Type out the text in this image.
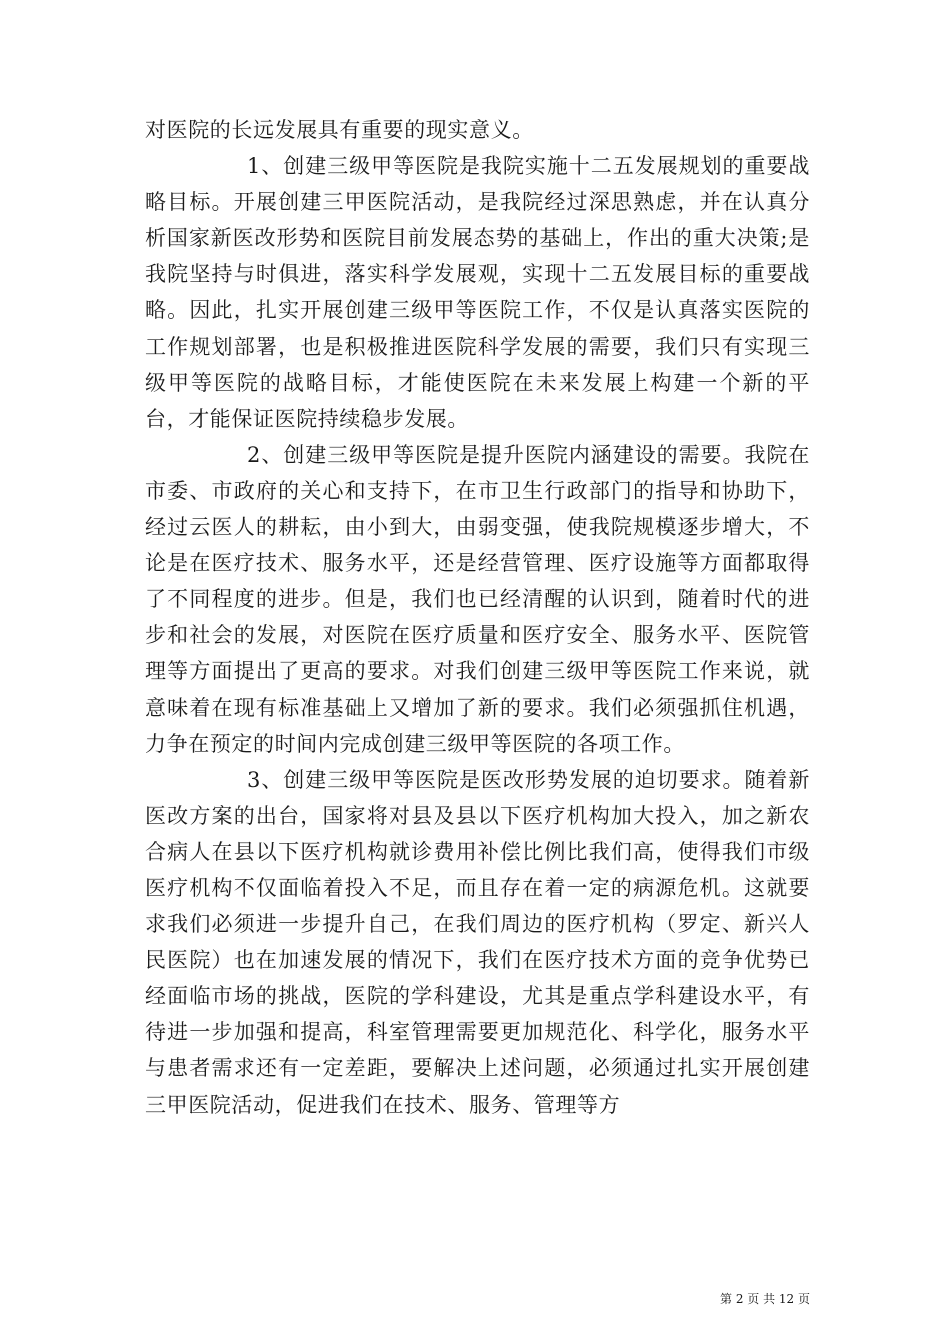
对医院的长远发展具有重要的现实意义。

1、创建三级甲等医院是我院实施十二五发展规划的重要战略目标。开展创建三甲医院活动，是我院经过深思熟虑，并在认真分析国家新医改形势和医院目前发展态势的基础上，作出的重大决策;是我院坚持与时俱进，落实科学发展观，实现十二五发展目标的重要战略。因此，扎实开展创建三级甲等医院工作，不仅是认真落实医院的工作规划部署，也是积极推进医院科学发展的需要，我们只有实现三级甲等医院的战略目标，才能使医院在未来发展上构建一个新的平台，才能保证医院持续稳步发展。

2、创建三级甲等医院是提升医院内涵建设的需要。我院在市委、市政府的关心和支持下，在市卫生行政部门的指导和协助下，经过云医人的耕耘，由小到大，由弱变强，使我院规模逐步增大，不论是在医疗技术、服务水平，还是经营管理、医疗设施等方面都取得了不同程度的进步。但是，我们也已经清醒的认识到，随着时代的进步和社会的发展，对医院在医疗质量和医疗安全、服务水平、医院管理等方面提出了更高的要求。对我们创建三级甲等医院工作来说，就意味着在现有标准基础上又增加了新的要求。我们必须强抓住机遇，力争在预定的时间内完成创建三级甲等医院的各项工作。

3、创建三级甲等医院是医改形势发展的迫切要求。随着新医改方案的出台，国家将对县及县以下医疗机构加大投入，加之新农合病人在县以下医疗机构就诊费用补偿比例比我们高，使得我们市级医疗机构不仅面临着投入不足，而且存在着一定的病源危机。这就要求我们必须进一步提升自己，在我们周边的医疗机构（罗定、新兴人民医院）也在加速发展的情况下，我们在医疗技术方面的竞争优势已经面临市场的挑战，医院的学科建设，尤其是重点学科建设水平，有待进一步加强和提高，科室管理需要更加规范化、科学化，服务水平与患者需求还有一定差距，要解决上述问题，必须通过扎实开展创建三甲医院活动，促进我们在技术、服务、管理等方

第 2 页 共 12 页
